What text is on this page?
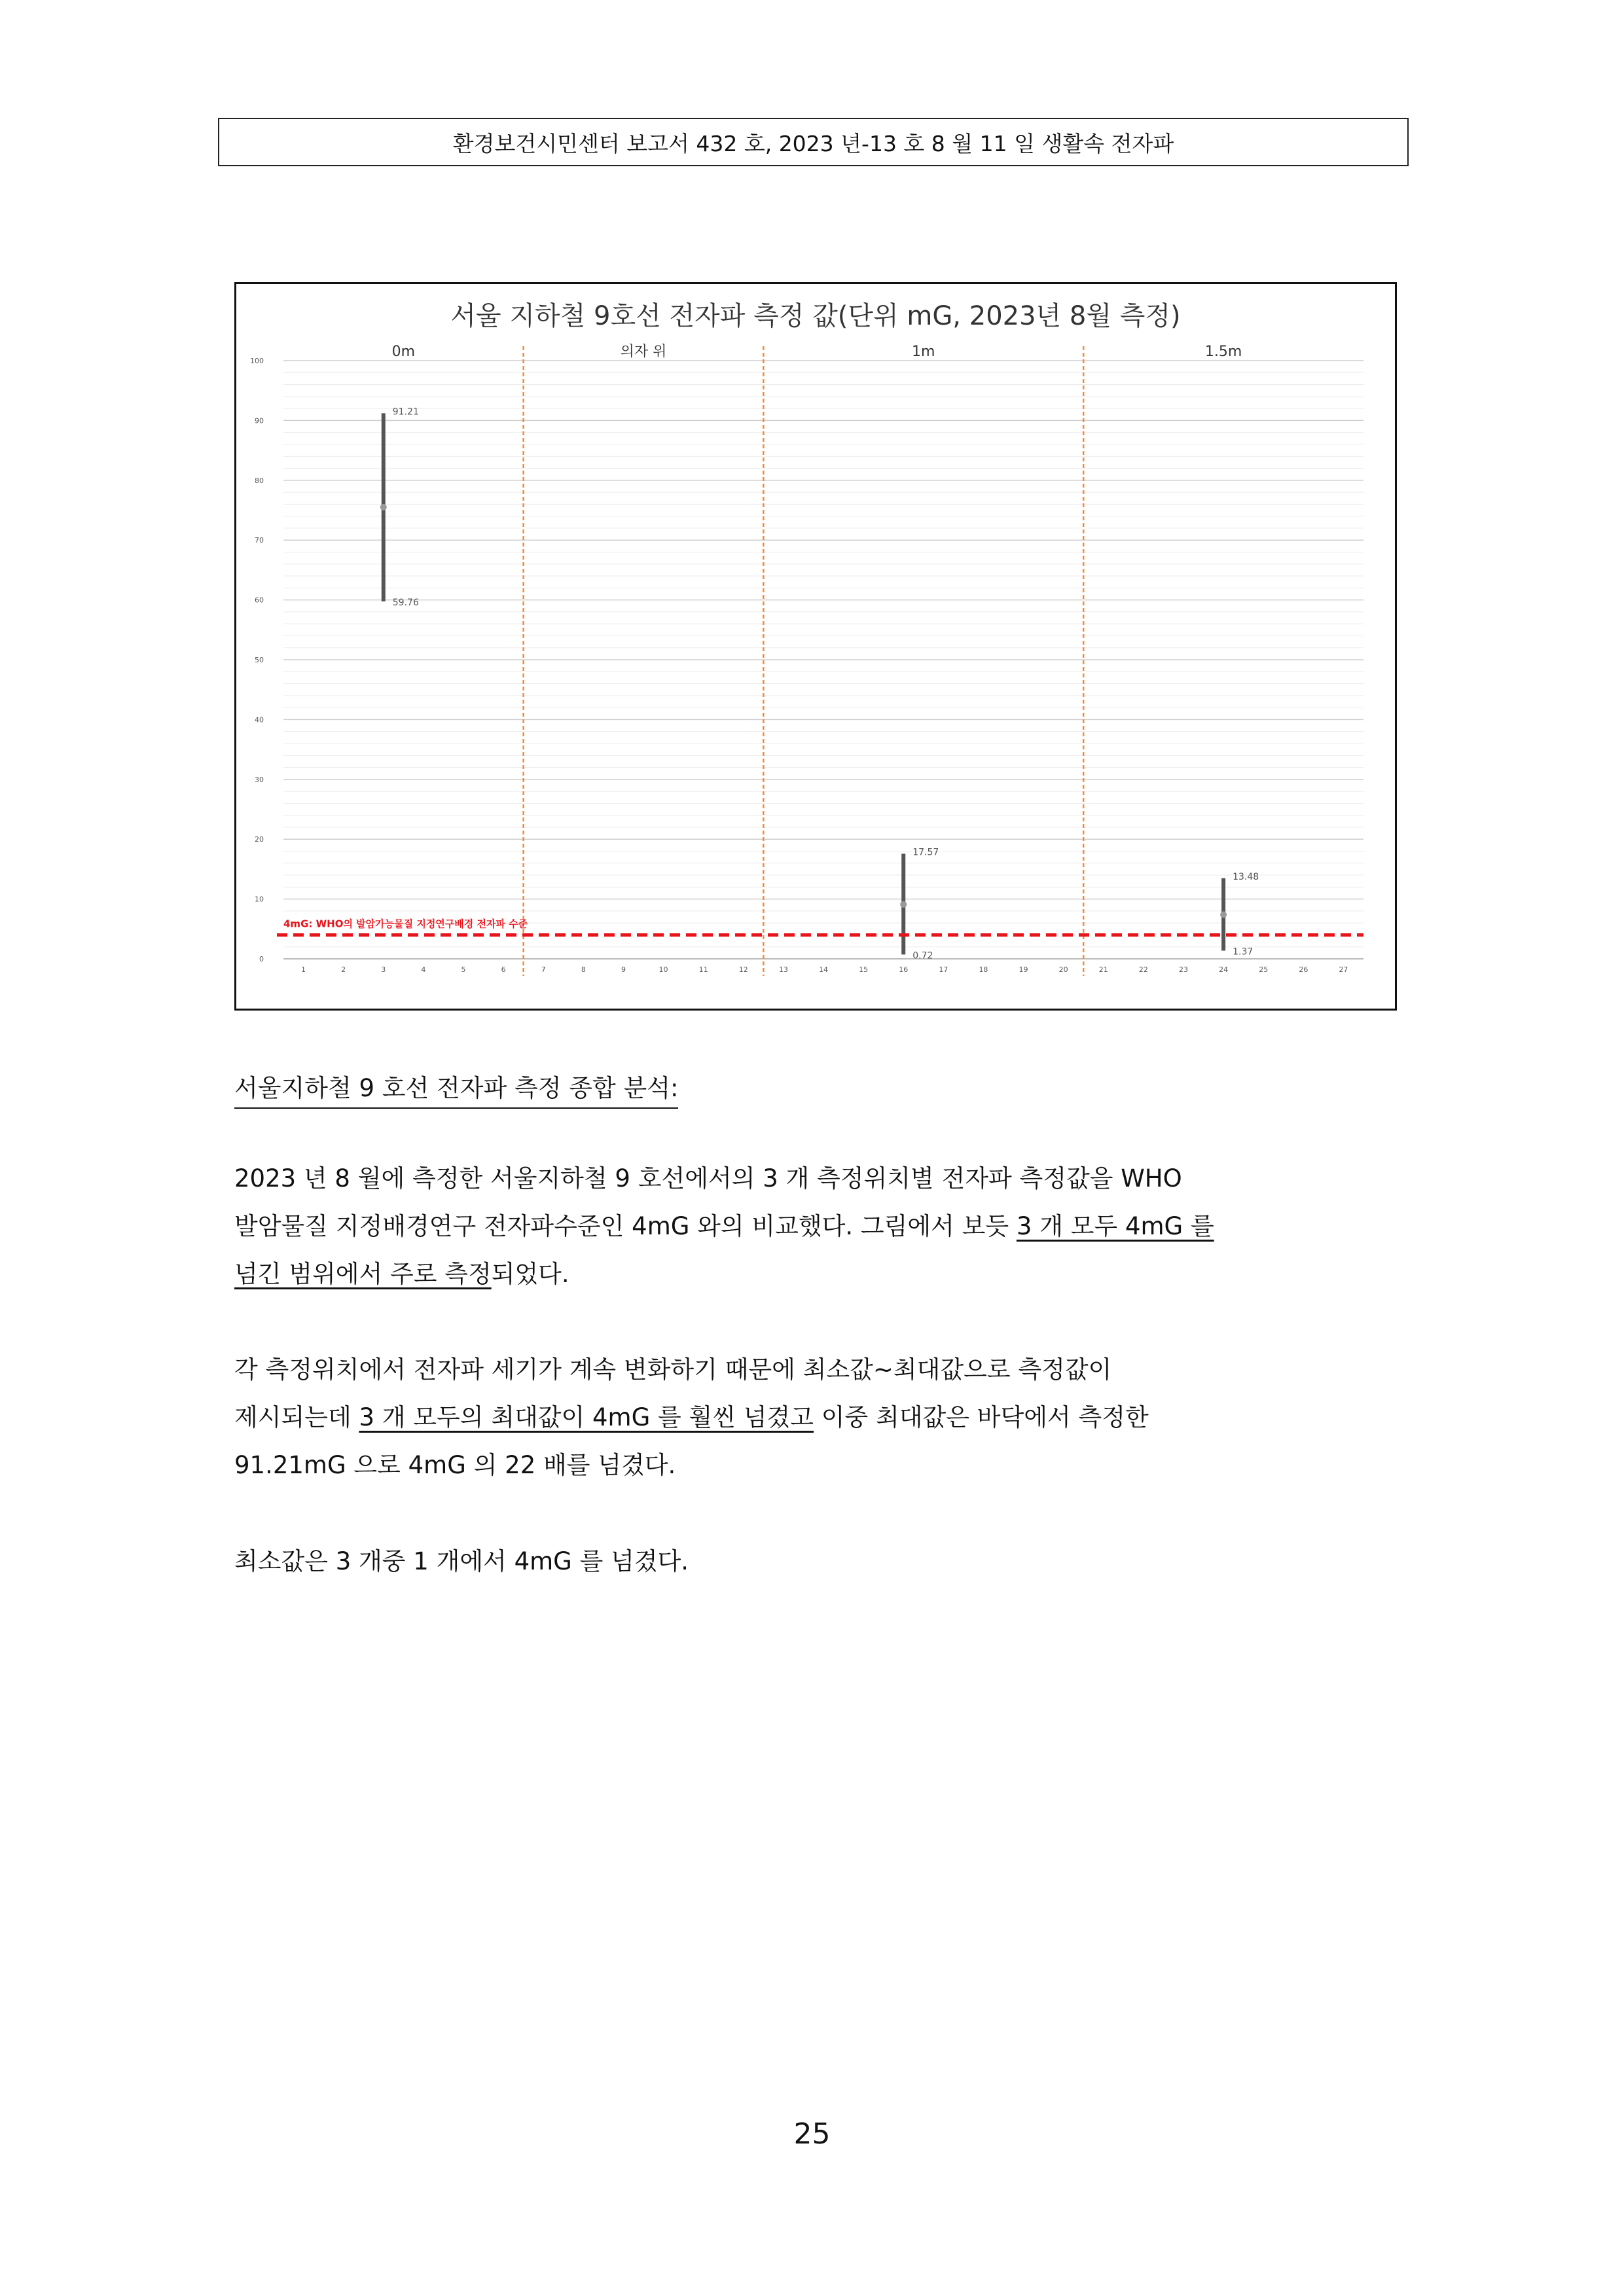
환경보건시민센터 보고서 432 호, 2023 년-13 호 8 월 11 일 생활속 전자파
서울 지하철 9호선 전자파 측정 값(단위 mG, 2023년 8월 측정)
0
10
20
30
40
50
60
70
80
90
100
1	2	3	4	5	6	7	8	9	10	11	12	13	14	15	16	17	18	19	20	21	22	23	24	25	26	27
0m	의자 위	1m	1.5m
4mG: WHO의 발암가능물질 지정연구배경 전자파 수준
91.21
59.76
17.57
0.72
13.48
1.37
서울지하철 9 호선 전자파 측정 종합 분석:
2023 년 8 월에 측정한 서울지하철 9 호선에서의 3 개 측정위치별 전자파 측정값을 WHO
발암물질 지정배경연구 전자파수준인 4mG 와의 비교했다. 그림에서 보듯 3 개 모두 4mG 를
넘긴 범위에서 주로 측정되었다.
각 측정위치에서 전자파 세기가 계속 변화하기 때문에 최소값~최대값으로 측정값이
제시되는데 3 개 모두의 최대값이 4mG 를 훨씬 넘겼고 이중 최대값은 바닥에서 측정한
91.21mG 으로 4mG 의 22 배를 넘겼다.
최소값은 3 개중 1 개에서 4mG 를 넘겼다.
25
